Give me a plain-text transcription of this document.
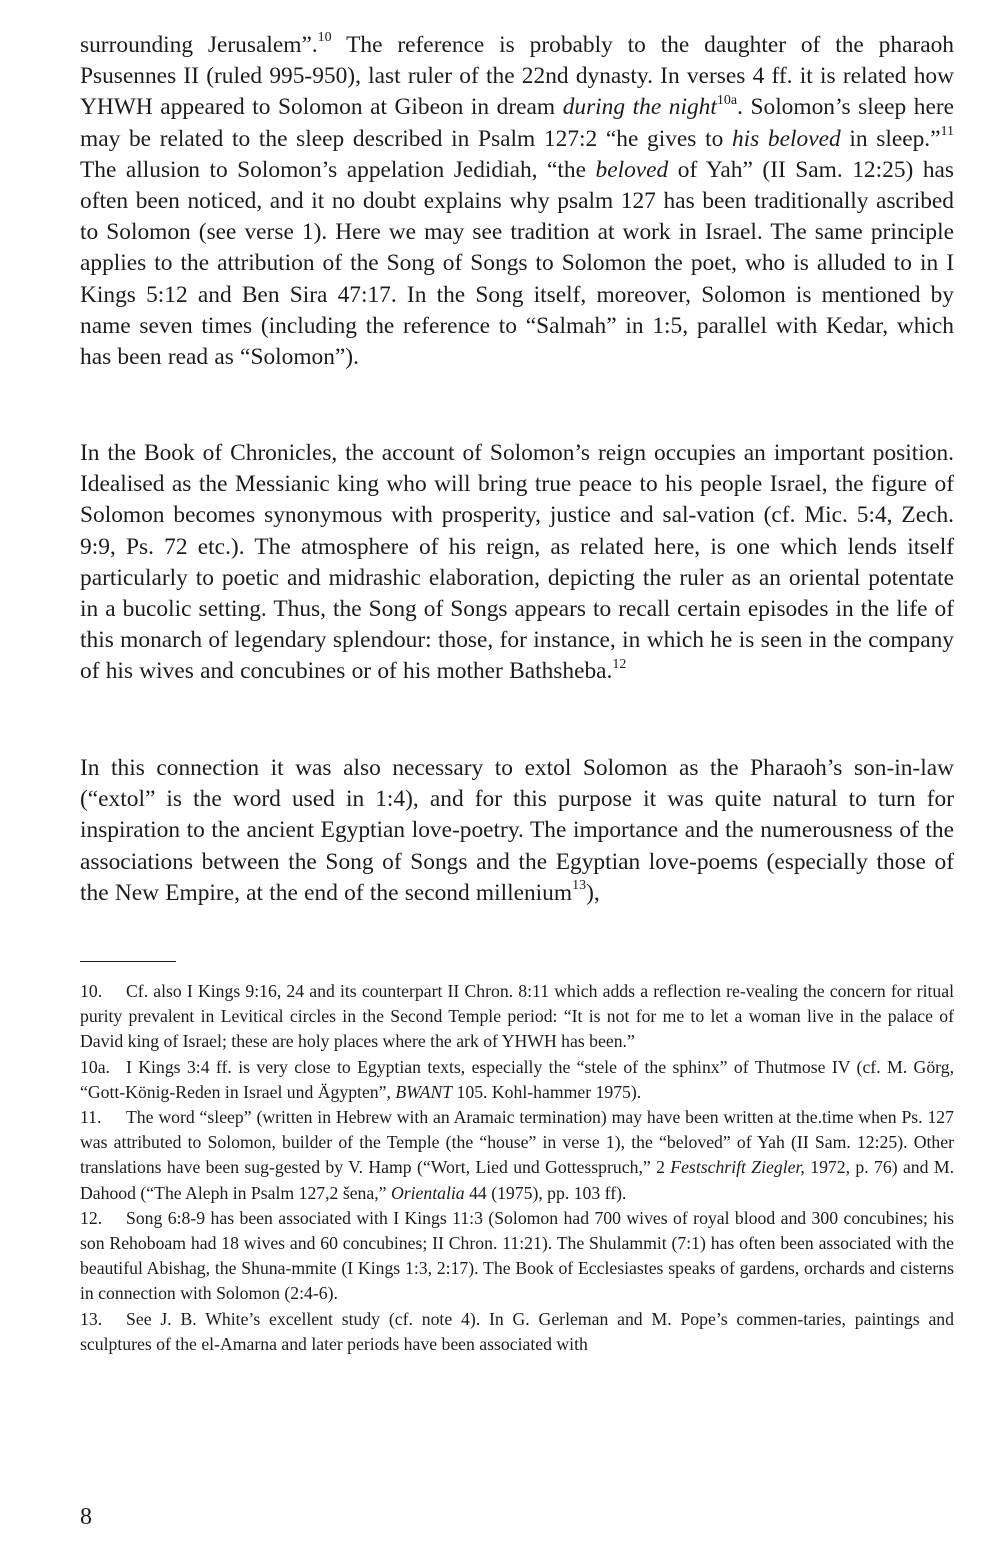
surrounding Jerusalem”.$^{10}$ The reference is probably to the daughter of the pharaoh Psusennes II (ruled 995-950), last ruler of the 22nd dynasty. In verses 4 ff. it is related how YHWH appeared to Solomon at Gibeon in dream during the night$^{10a}$. Solomon’s sleep here may be related to the sleep described in Psalm 127:2 “he gives to his beloved in sleep.”$^{11}$ The allusion to Solomon’s appelation Jedidiah, “the beloved of Yah” (II Sam. 12:25) has often been noticed, and it no doubt explains why psalm 127 has been traditionally ascribed to Solomon (see verse 1). Here we may see tradition at work in Israel. The same principle applies to the attribution of the Song of Songs to Solomon the poet, who is alluded to in I Kings 5:12 and Ben Sira 47:17. In the Song itself, moreover, Solomon is mentioned by name seven times (including the reference to “Salmah” in 1:5, parallel with Kedar, which has been read as “Solomon”).

In the Book of Chronicles, the account of Solomon’s reign occupies an important position. Idealised as the Messianic king who will bring true peace to his people Israel, the figure of Solomon becomes synonymous with prosperity, justice and sal-vation (cf. Mic. 5:4, Zech. 9:9, Ps. 72 etc.). The atmosphere of his reign, as related here, is one which lends itself particularly to poetic and midrashic elaboration, depicting the ruler as an oriental potentate in a bucolic setting. Thus, the Song of Songs appears to recall certain episodes in the life of this monarch of legendary splendour: those, for instance, in which he is seen in the company of his wives and concubines or of his mother Bathsheba.$^{12}$

In this connection it was also necessary to extol Solomon as the Pharaoh’s son-in-law (“extol” is the word used in 1:4), and for this purpose it was quite natural to turn for inspiration to the ancient Egyptian love-poetry. The importance and the numerousness of the associations between the Song of Songs and the Egyptian love-poems (especially those of the New Empire, at the end of the second millenium$^{13}$),

10. Cf. also I Kings 9:16, 24 and its counterpart II Chron. 8:11 which adds a reflection re-vealing the concern for ritual purity prevalent in Levitical circles in the Second Temple period: “It is not for me to let a woman live in the palace of David king of Israel; these are holy places where the ark of YHWH has been.”

10a. I Kings 3:4 ff. is very close to Egyptian texts, especially the “stele of the sphinx” of Thutmose IV (cf. M. Görg, “Gott-König-Reden in Israel und Ägypten”, BWANT 105. Kohl-hammer 1975).

11. The word “sleep” (written in Hebrew with an Aramaic termination) may have been written at the.time when Ps. 127 was attributed to Solomon, builder of the Temple (the “house” in verse 1), the “beloved” of Yah (II Sam. 12:25). Other translations have been sug-gested by V. Hamp (“Wort, Lied und Gottesspruch,” 2 Festschrift Ziegler, 1972, p. 76) and M. Dahood (“The Aleph in Psalm 127,2 šena,” Orientalia 44 (1975), pp. 103 ff).

12. Song 6:8-9 has been associated with I Kings 11:3 (Solomon had 700 wives of royal blood and 300 concubines; his son Rehoboam had 18 wives and 60 concubines; II Chron. 11:21). The Shulammit (7:1) has often been associated with the beautiful Abishag, the Shuna-mmite (I Kings 1:3, 2:17). The Book of Ecclesiastes speaks of gardens, orchards and cisterns in connection with Solomon (2:4-6).

13. See J. B. White’s excellent study (cf. note 4). In G. Gerleman and M. Pope’s commen-taries, paintings and sculptures of the el-Amarna and later periods have been associated with

8
